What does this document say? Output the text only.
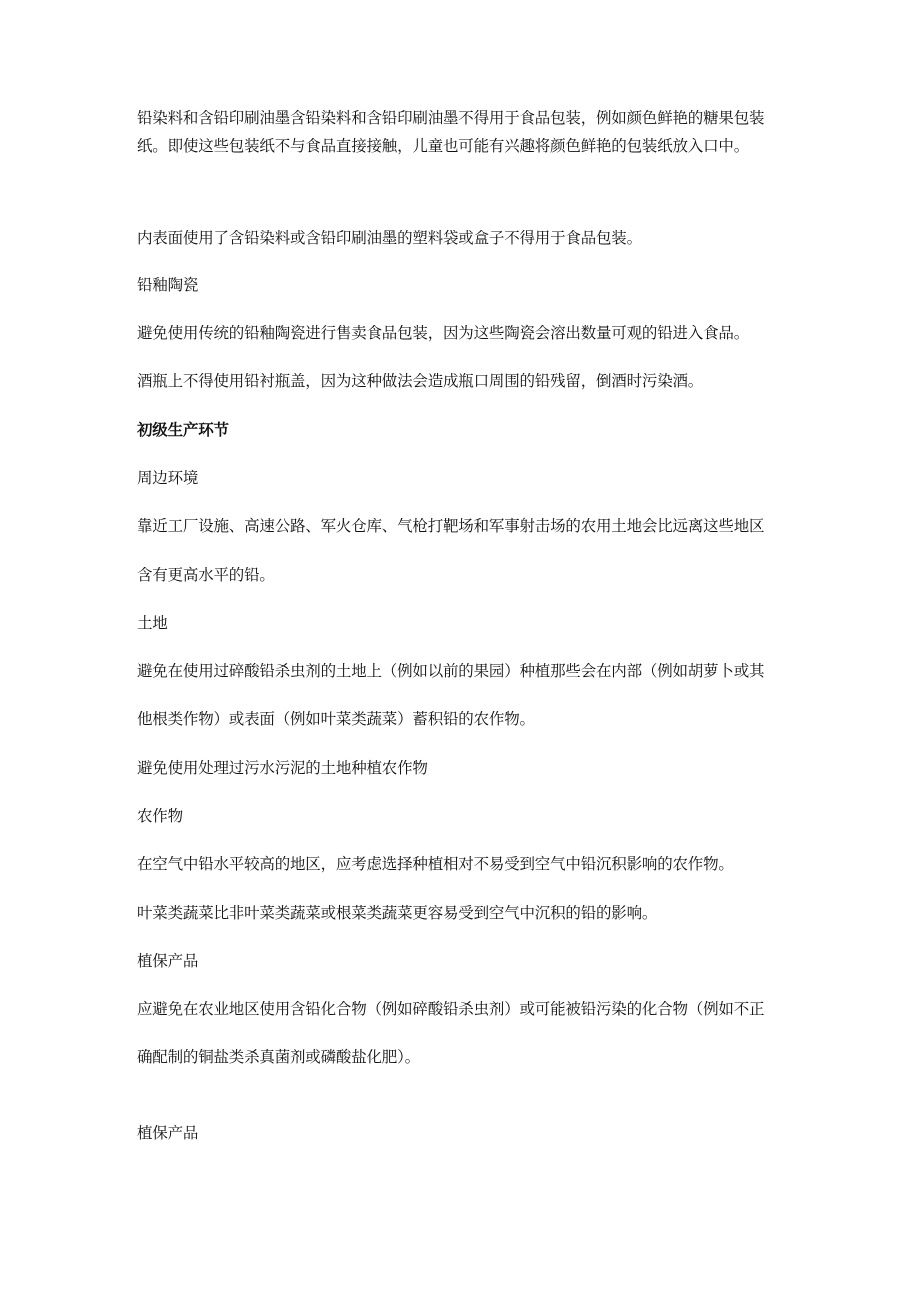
铅染料和含铅印刷油墨含铅染料和含铅印刷油墨不得用于食品包装，例如颜色鲜艳的糖果包装
纸。即使这些包装纸不与食品直接接触，儿童也可能有兴趣将颜色鲜艳的包装纸放入口中。
内表面使用了含铅染料或含铅印刷油墨的塑料袋或盒子不得用于食品包装。
铅釉陶瓷
避免使用传统的铅釉陶瓷进行售卖食品包装，因为这些陶瓷会溶出数量可观的铅进入食品。
酒瓶上不得使用铅衬瓶盖，因为这种做法会造成瓶口周围的铅残留，倒酒时污染酒。
初级生产环节
周边环境
靠近工厂设施、高速公路、军火仓库、气枪打靶场和军事射击场的农用土地会比远离这些地区
含有更高水平的铅。
土地
避免在使用过碎酸铅杀虫剂的土地上（例如以前的果园）种植那些会在内部（例如胡萝卜或其
他根类作物）或表面（例如叶菜类蔬菜）蓄积铅的农作物。
避免使用处理过污水污泥的土地种植农作物
农作物
在空气中铅水平较高的地区，应考虑选择种植相对不易受到空气中铅沉积影响的农作物。
叶菜类蔬菜比非叶菜类蔬菜或根菜类蔬菜更容易受到空气中沉积的铅的影响。
植保产品
应避免在农业地区使用含铅化合物（例如碎酸铅杀虫剂）或可能被铅污染的化合物（例如不正
确配制的铜盐类杀真菌剂或磷酸盐化肥）。
植保产品
